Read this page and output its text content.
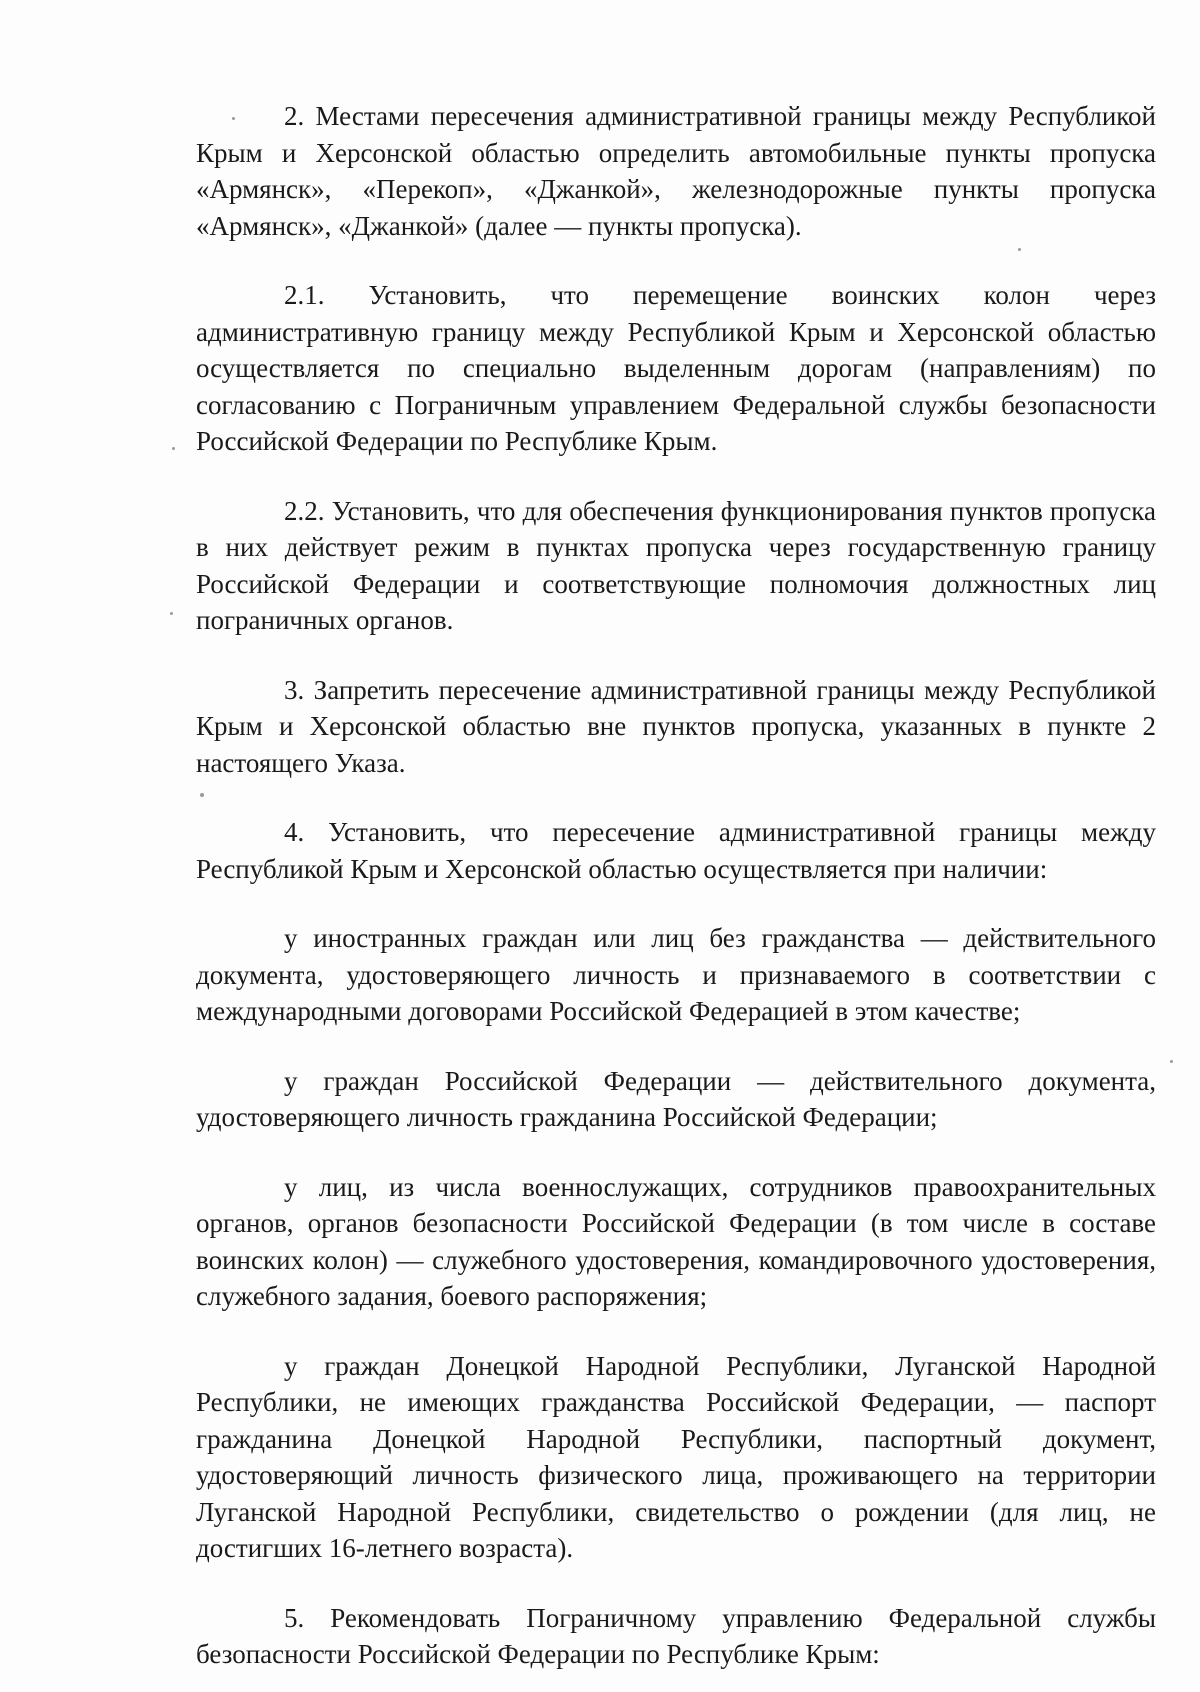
2. Местами пересечения административной границы между Республикой Крым и Херсонской областью определить автомобильные пункты пропуска «Армянск», «Перекоп», «Джанкой», железнодорожные пункты пропуска «Армянск», «Джанкой» (далее — пункты пропуска).

2.1. Установить, что перемещение воинских колон через административную границу между Республикой Крым и Херсонской областью осуществляется по специально выделенным дорогам (направлениям) по согласованию с Пограничным управлением Федеральной службы безопасности Российской Федерации по Республике Крым.

2.2. Установить, что для обеспечения функционирования пунктов пропуска в них действует режим в пунктах пропуска через государственную границу Российской Федерации и соответствующие полномочия должностных лиц пограничных органов.

3. Запретить пересечение административной границы между Республикой Крым и Херсонской областью вне пунктов пропуска, указанных в пункте 2 настоящего Указа.

4. Установить, что пересечение административной границы между Республикой Крым и Херсонской областью осуществляется при наличии:

у иностранных граждан или лиц без гражданства — действительного документа, удостоверяющего личность и признаваемого в соответствии с международными договорами Российской Федерацией в этом качестве;

у граждан Российской Федерации — действительного документа, удостоверяющего личность гражданина Российской Федерации;

у лиц, из числа военнослужащих, сотрудников правоохранительных органов, органов безопасности Российской Федерации (в том числе в составе воинских колон) — служебного удостоверения, командировочного удостоверения, служебного задания, боевого распоряжения;

у граждан Донецкой Народной Республики, Луганской Народной Республики, не имеющих гражданства Российской Федерации, — паспорт гражданина Донецкой Народной Республики, паспортный документ, удостоверяющий личность физического лица, проживающего на территории Луганской Народной Республики, свидетельство о рождении (для лиц, не достигших 16-летнего возраста).

5. Рекомендовать Пограничному управлению Федеральной службы безопасности Российской Федерации по Республике Крым:
